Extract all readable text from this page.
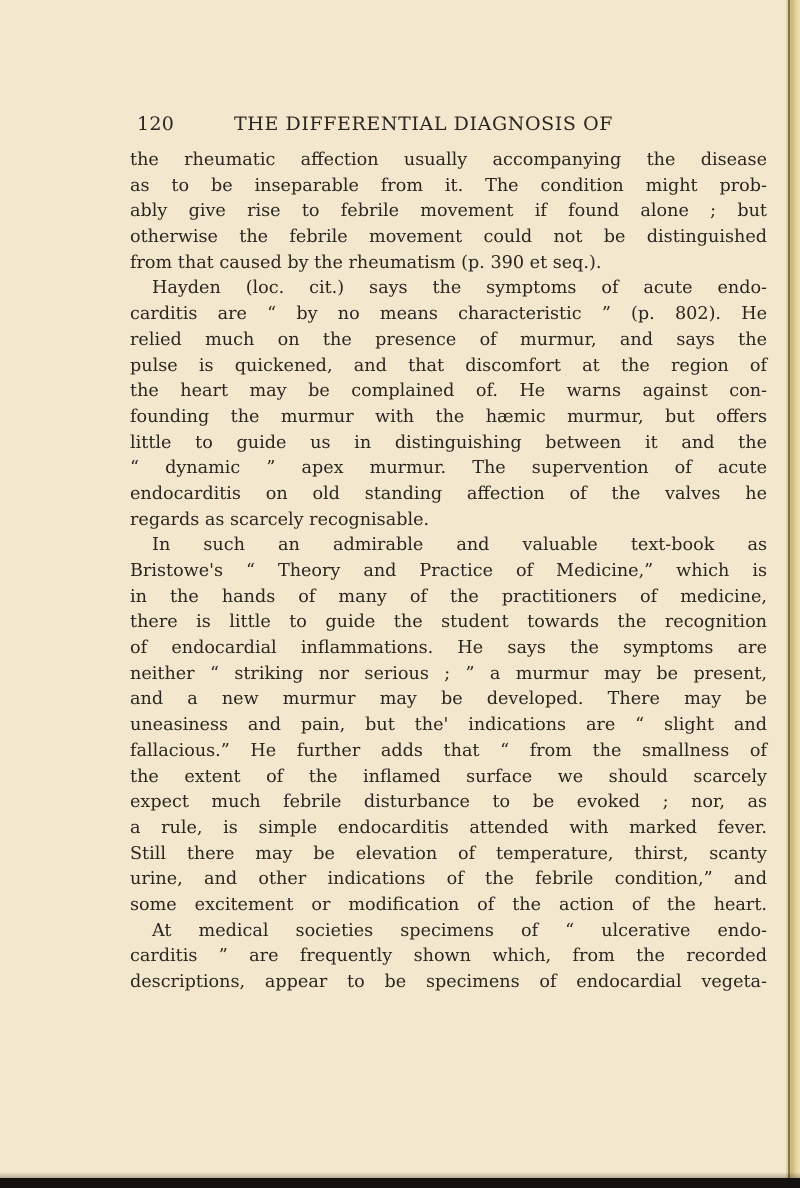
120	THE DIFFERENTIAL DIAGNOSIS OF
the rheumatic affection usually accompanying the disease
as to be inseparable from it. The condition might prob-
ably give rise to febrile movement if found alone ; but
otherwise the febrile movement could not be distinguished
from that caused by the rheumatism (p. 390 et seq.).
Hayden (loc. cit.) says the symptoms of acute endo-
carditis are “ by no means characteristic ” (p. 802). He
relied much on the presence of murmur, and says the
pulse is quickened, and that discomfort at the region of
the heart may be complained of. He warns against con-
founding the murmur with the hæmic murmur, but offers
little to guide us in distinguishing between it and the
“ dynamic ” apex murmur. The supervention of acute
endocarditis on old standing affection of the valves he
regards as scarcely recognisable.
In such an admirable and valuable text-book as
Bristowe's “ Theory and Practice of Medicine,” which is
in the hands of many of the practitioners of medicine,
there is little to guide the student towards the recognition
of endocardial inflammations. He says the symptoms are
neither “ striking nor serious ; ” a murmur may be present,
and a new murmur may be developed. There may be
uneasiness and pain, but the' indications are “ slight and
fallacious.” He further adds that “ from the smallness of
the extent of the inflamed surface we should scarcely
expect much febrile disturbance to be evoked ; nor, as
a rule, is simple endocarditis attended with marked fever.
Still there may be elevation of temperature, thirst, scanty
urine, and other indications of the febrile condition,” and
some excitement or modification of the action of the heart.
At medical societies specimens of “ ulcerative endo-
carditis ” are frequently shown which, from the recorded
descriptions, appear to be specimens of endocardial vegeta-
